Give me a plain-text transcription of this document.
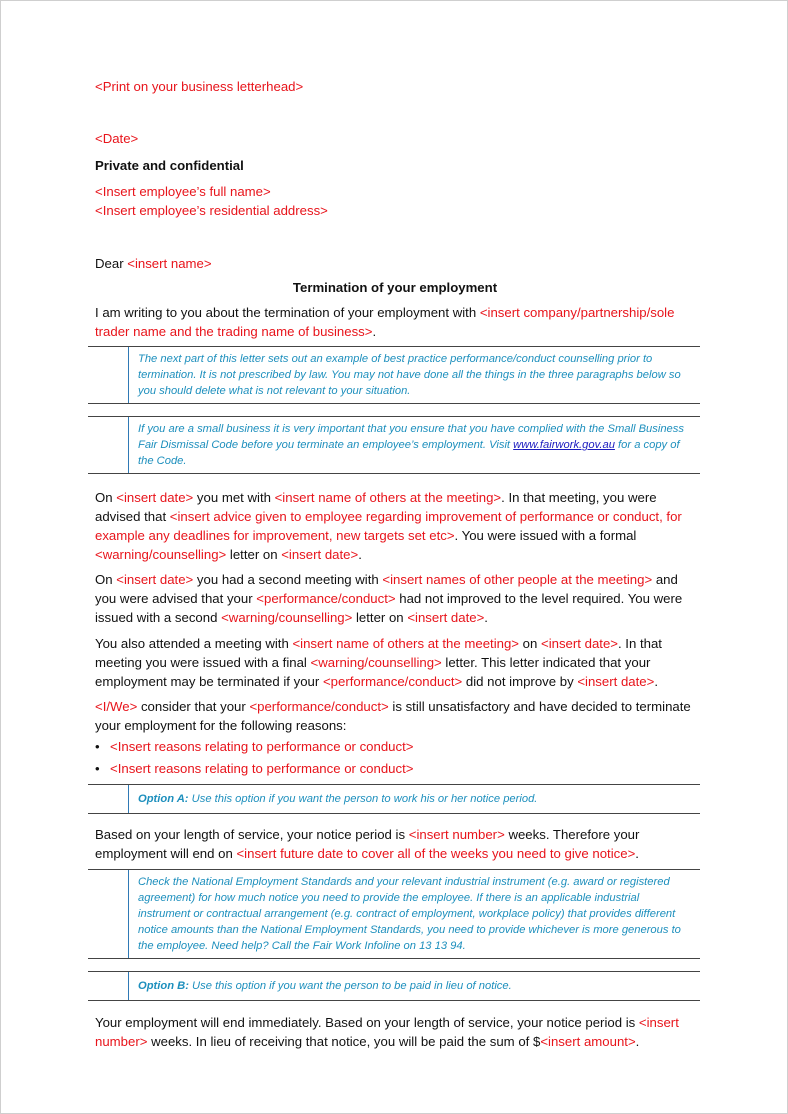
<Print on your business letterhead>
<Date>
Private and confidential
<Insert employee’s full name>
<Insert employee’s residential address>
Dear <insert name>
Termination of your employment
I am writing to you about the termination of your employment with <insert company/partnership/sole trader name and the trading name of business>.
The next part of this letter sets out an example of best practice performance/conduct counselling prior to termination. It is not prescribed by law. You may not have done all the things in the three paragraphs below so you should delete what is not relevant to your situation.
If you are a small business it is very important that you ensure that you have complied with the Small Business Fair Dismissal Code before you terminate an employee’s employment. Visit www.fairwork.gov.au for a copy of the Code.
On <insert date> you met with <insert name of others at the meeting>. In that meeting, you were advised that <insert advice given to employee regarding improvement of performance or conduct, for example any deadlines for improvement, new targets set etc>. You were issued with a formal <warning/counselling> letter on <insert date>.
On <insert date> you had a second meeting with <insert names of other people at the meeting> and you were advised that your <performance/conduct> had not improved to the level required. You were issued with a second <warning/counselling> letter on <insert date>.
You also attended a meeting with <insert name of others at the meeting> on <insert date>. In that meeting you were issued with a final <warning/counselling> letter. This letter indicated that your employment may be terminated if your <performance/conduct> did not improve by <insert date>.
<I/We> consider that your <performance/conduct> is still unsatisfactory and have decided to terminate your employment for the following reasons:
• <Insert reasons relating to performance or conduct>
• <Insert reasons relating to performance or conduct>
Option A: Use this option if you want the person to work his or her notice period.
Based on your length of service, your notice period is <insert number> weeks. Therefore your employment will end on <insert future date to cover all of the weeks you need to give notice>.
Check the National Employment Standards and your relevant industrial instrument (e.g. award or registered agreement) for how much notice you need to provide the employee. If there is an applicable industrial instrument or contractual arrangement (e.g. contract of employment, workplace policy) that provides different notice amounts than the National Employment Standards, you need to provide whichever is more generous to the employee. Need help? Call the Fair Work Infoline on 13 13 94.
Option B: Use this option if you want the person to be paid in lieu of notice.
Your employment will end immediately. Based on your length of service, your notice period is <insert number> weeks. In lieu of receiving that notice, you will be paid the sum of $<insert amount>.
